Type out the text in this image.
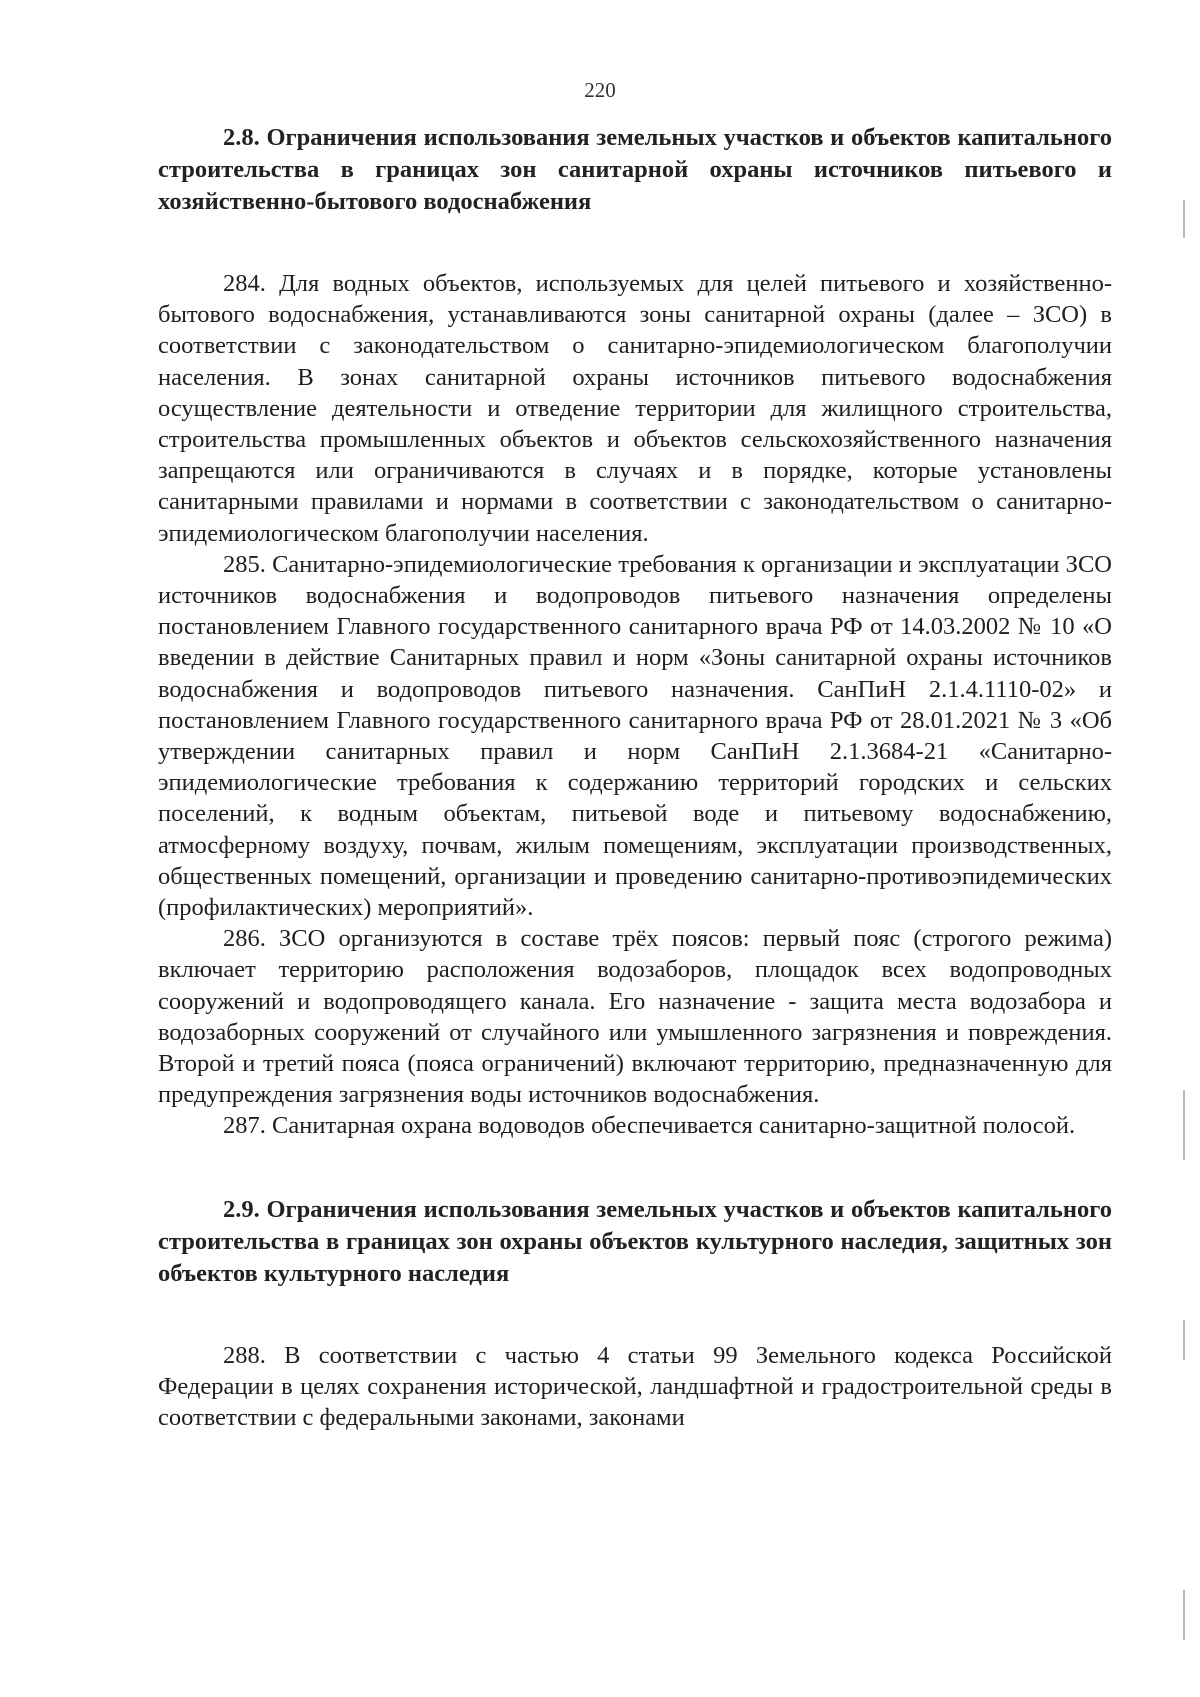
220

2.8. Ограничения использования земельных участков и объектов капитального строительства в границах зон санитарной охраны источников питьевого и хозяйственно-бытового водоснабжения

284. Для водных объектов, используемых для целей питьевого и хозяйственно-бытового водоснабжения, устанавливаются зоны санитарной охраны (далее – ЗСО) в соответствии с законодательством о санитарно-эпидемиологическом благополучии населения. В зонах санитарной охраны источников питьевого водоснабжения осуществление деятельности и отведение территории для жилищного строительства, строительства промышленных объектов и объектов сельскохозяйственного назначения запрещаются или ограничиваются в случаях и в порядке, которые установлены санитарными правилами и нормами в соответствии с законодательством о санитарно-эпидемиологическом благополучии населения.

285. Санитарно-эпидемиологические требования к организации и эксплуатации ЗСО источников водоснабжения и водопроводов питьевого назначения определены постановлением Главного государственного санитарного врача РФ от 14.03.2002 № 10 «О введении в действие Санитарных правил и норм «Зоны санитарной охраны источников водоснабжения и водопроводов питьевого назначения. СанПиН 2.1.4.1110-02» и постановлением Главного государственного санитарного врача РФ от 28.01.2021 № 3 «Об утверждении санитарных правил и норм СанПиН 2.1.3684-21 «Санитарно-эпидемиологические требования к содержанию территорий городских и сельских поселений, к водным объектам, питьевой воде и питьевому водоснабжению, атмосферному воздуху, почвам, жилым помещениям, эксплуатации производственных, общественных помещений, организации и проведению санитарно-противоэпидемических (профилактических) мероприятий».

286. ЗСО организуются в составе трёх поясов: первый пояс (строгого режима) включает территорию расположения водозаборов, площадок всех водопроводных сооружений и водопроводящего канала. Его назначение - защита места водозабора и водозаборных сооружений от случайного или умышленного загрязнения и повреждения. Второй и третий пояса (пояса ограничений) включают территорию, предназначенную для предупреждения загрязнения воды источников водоснабжения.

287. Санитарная охрана водоводов обеспечивается санитарно-защитной полосой.

2.9. Ограничения использования земельных участков и объектов капитального строительства в границах зон охраны объектов культурного наследия, защитных зон объектов культурного наследия

288. В соответствии с частью 4 статьи 99 Земельного кодекса Российской Федерации в целях сохранения исторической, ландшафтной и градостроительной среды в соответствии с федеральными законами, законами
